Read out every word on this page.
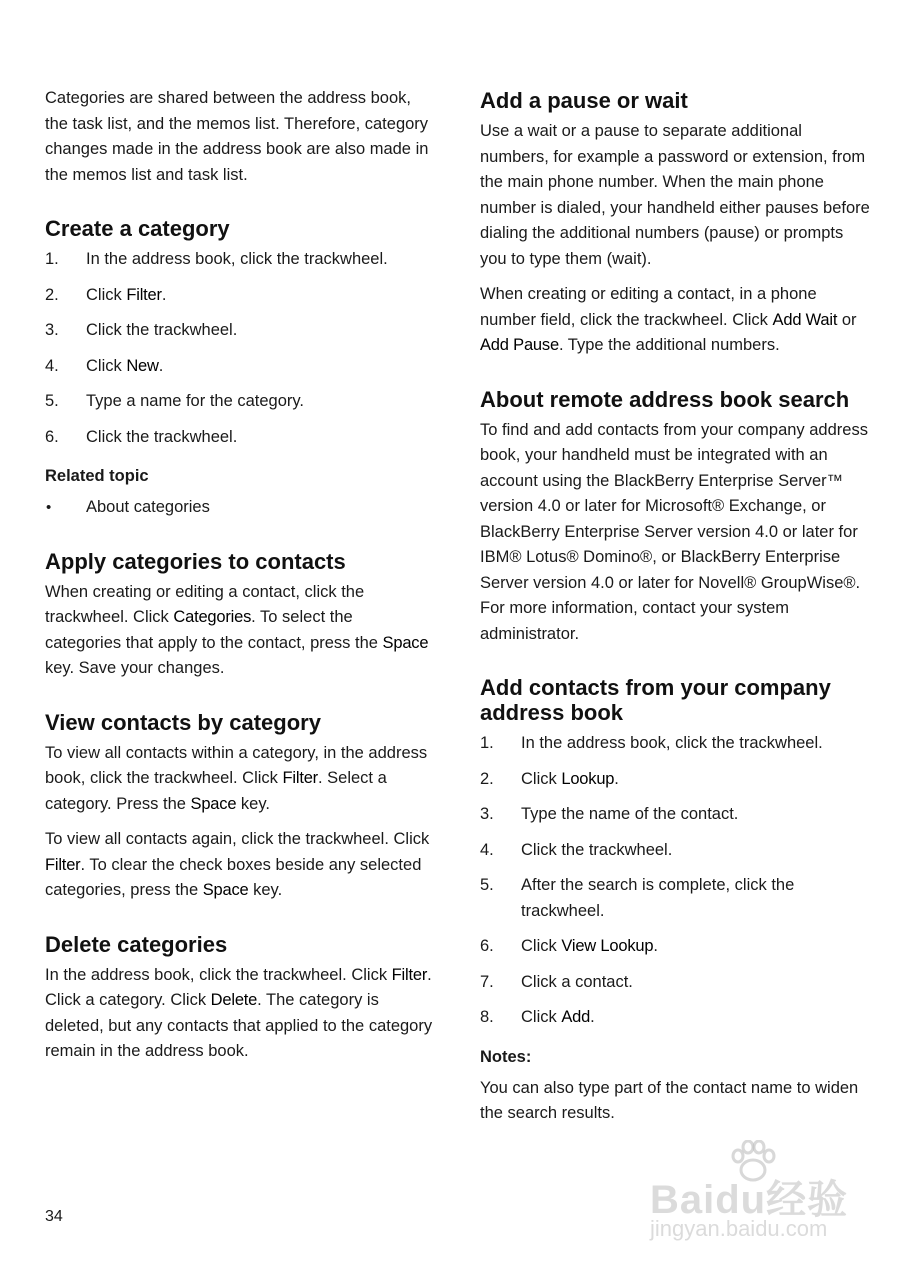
Categories are shared between the address book, the task list, and the memos list. Therefore, category changes made in the address book are also made in the memos list and task list.

Create a category
1. In the address book, click the trackwheel.
2. Click Filter.
3. Click the trackwheel.
4. Click New.
5. Type a name for the category.
6. Click the trackwheel.
Related topic
• About categories
Apply categories to contacts

When creating or editing a contact, click the trackwheel. Click Categories. To select the categories that apply to the contact, press the Space key. Save your changes.

View contacts by category

To view all contacts within a category, in the address book, click the trackwheel. Click Filter. Select a category. Press the Space key.

To view all contacts again, click the trackwheel. Click Filter. To clear the check boxes beside any selected categories, press the Space key.

Delete categories

In the address book, click the trackwheel. Click Filter. Click a category. Click Delete. The category is deleted, but any contacts that applied to the category remain in the address book.

Add a pause or wait

Use a wait or a pause to separate additional numbers, for example a password or extension, from the main phone number. When the main phone number is dialed, your handheld either pauses before dialing the additional numbers (pause) or prompts you to type them (wait).

When creating or editing a contact, in a phone number field, click the trackwheel. Click Add Wait or Add Pause. Type the additional numbers.

About remote address book search

To find and add contacts from your company address book, your handheld must be integrated with an account using the BlackBerry Enterprise Server™ version 4.0 or later for Microsoft® Exchange, or BlackBerry Enterprise Server version 4.0 or later for IBM® Lotus® Domino®, or BlackBerry Enterprise Server version 4.0 or later for Novell® GroupWise®. For more information, contact your system administrator.

Add contacts from your company address book
1. In the address book, click the trackwheel.
2. Click Lookup.
3. Type the name of the contact.
4. Click the trackwheel.
5. After the search is complete, click the trackwheel.
6. Click View Lookup.
7. Click a contact.
8. Click Add.
Notes:

You can also type part of the contact name to widen the search results.

34	Baidu经验
jingyan.baidu.com
